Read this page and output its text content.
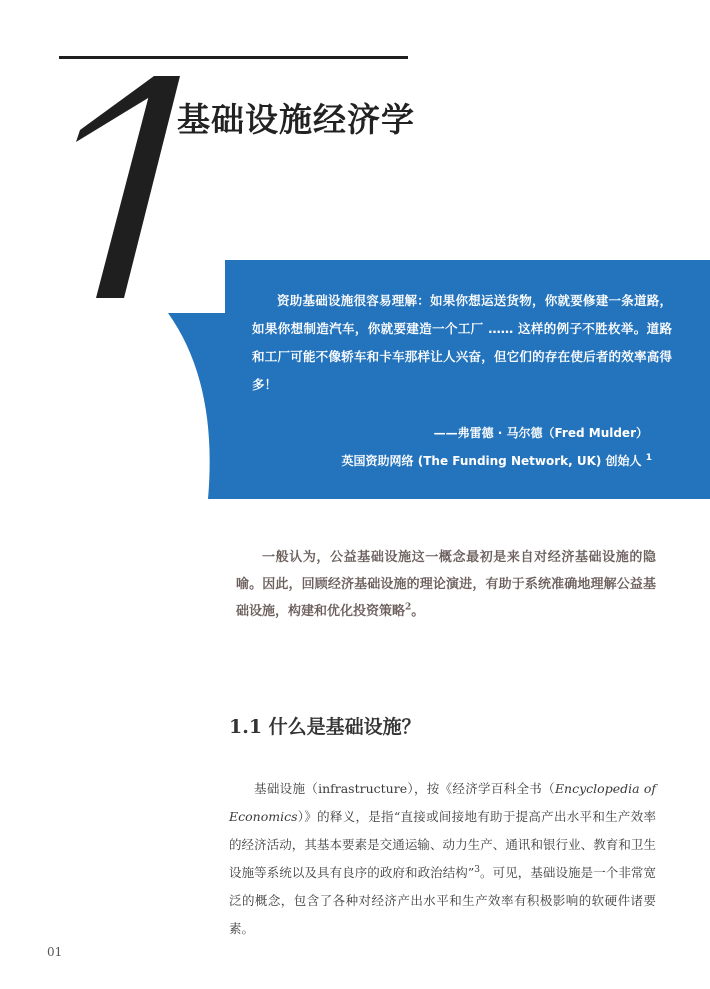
1
基础设施经济学
资助基础设施很容易理解：如果你想运送货物，你就要修建一条道路，如果你想制造汽车，你就要建造一个工厂 …… 这样的例子不胜枚举。道路和工厂可能不像轿车和卡车那样让人兴奋，但它们的存在使后者的效率高得多！
——弗雷德 · 马尔德（Fred Mulder）
英国资助网络 (The Funding Network, UK) 创始人 $^1$
一般认为，公益基础设施这一概念最初是来自对经济基础设施的隐喻。因此，回顾经济基础设施的理论演进，有助于系统准确地理解公益基础设施，构建和优化投资策略$^2$。
1.1 什么是基础设施？
基础设施（infrastructure），按《经济学百科全书（Encyclopedia of Economics）》的释义，是指“直接或间接地有助于提高产出水平和生产效率的经济活动，其基本要素是交通运输、动力生产、通讯和银行业、教育和卫生设施等系统以及具有良序的政府和政治结构”$^3$。可见，基础设施是一个非常宽泛的概念，包含了各种对经济产出水平和生产效率有积极影响的软硬件诸要素。
01
